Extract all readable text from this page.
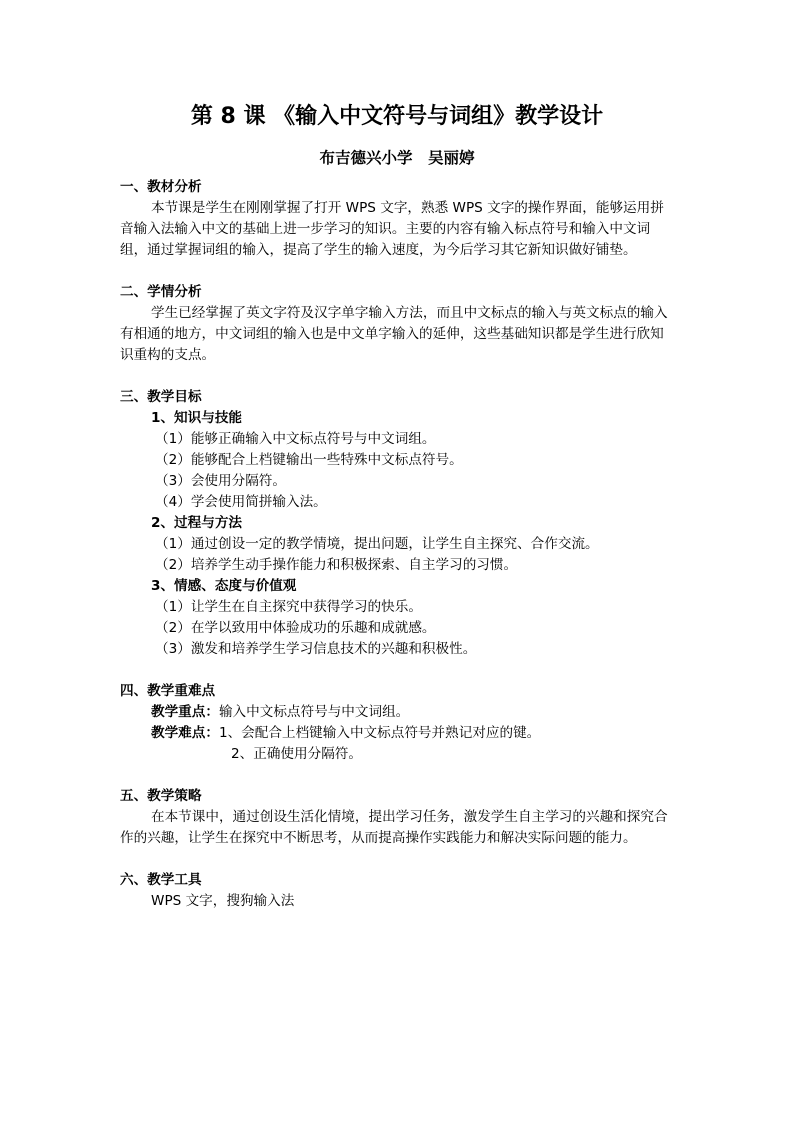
第 8 课 《输入中文符号与词组》教学设计
布吉德兴小学　吴丽婷

一、教材分析

本节课是学生在刚刚掌握了打开 WPS 文字，熟悉 WPS 文字的操作界面，能够运用拼音输入法输入中文的基础上进一步学习的知识。主要的内容有输入标点符号和输入中文词组，通过掌握词组的输入，提高了学生的输入速度，为今后学习其它新知识做好铺垫。

二、学情分析

学生已经掌握了英文字符及汉字单字输入方法，而且中文标点的输入与英文标点的输入有相通的地方，中文词组的输入也是中文单字输入的延伸，这些基础知识都是学生进行欣知识重构的支点。

三、教学目标

1、知识与技能

（1）能够正确输入中文标点符号与中文词组。

（2）能够配合上档键输出一些特殊中文标点符号。

（3）会使用分隔符。

（4）学会使用简拼输入法。

2、过程与方法

（1）通过创设一定的教学情境，提出问题，让学生自主探究、合作交流。

（2）培养学生动手操作能力和积极探索、自主学习的习惯。

3、情感、态度与价值观

（1）让学生在自主探究中获得学习的快乐。

（2）在学以致用中体验成功的乐趣和成就感。

（3）激发和培养学生学习信息技术的兴趣和积极性。

四、教学重难点

教学重点：输入中文标点符号与中文词组。

教学难点：1、会配合上档键输入中文标点符号并熟记对应的键。

2、正确使用分隔符。

五、教学策略

在本节课中，通过创设生活化情境，提出学习任务，激发学生自主学习的兴趣和探究合作的兴趣，让学生在探究中不断思考，从而提高操作实践能力和解决实际问题的能力。

六、教学工具

WPS 文字，搜狗输入法
